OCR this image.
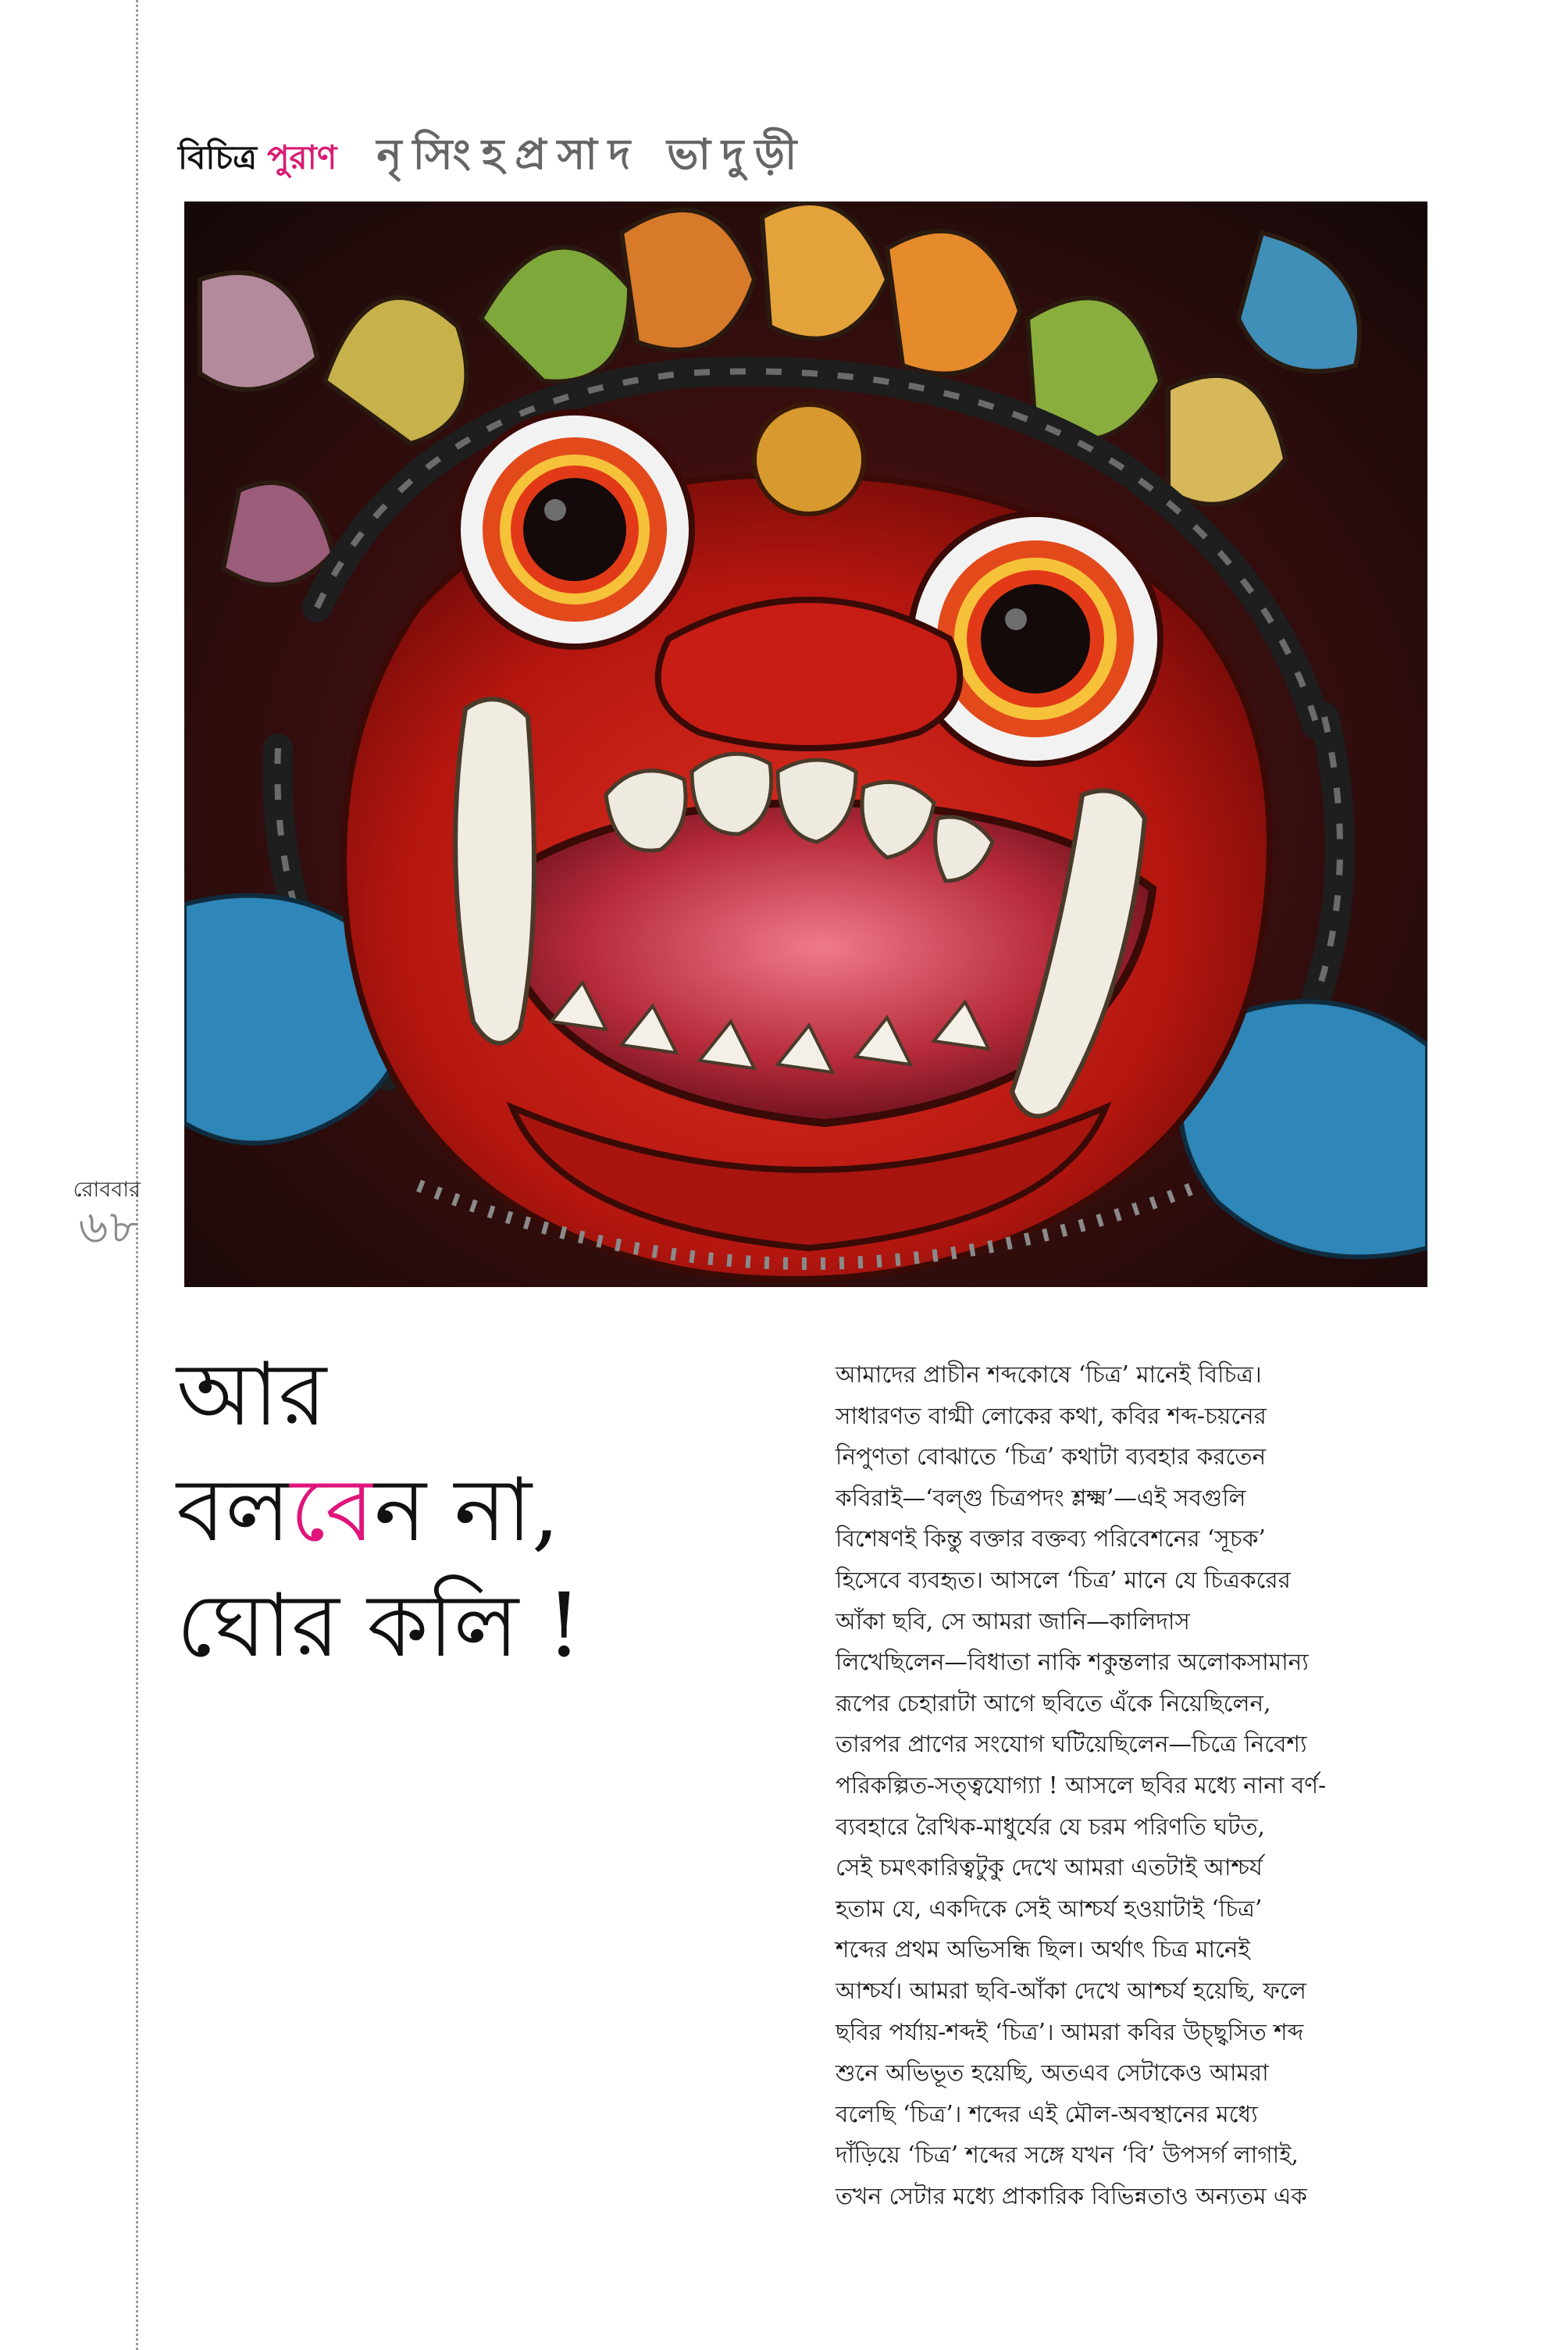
রোববার
৬৮
বিচিত্র পুরাণ নৃসিংহপ্রসাদ ভাদুড়ী
আর
বলবেন না,
ঘোর কলি !
আমাদের প্রাচীন শব্দকোষে ‘চিত্র’ মানেই বিচিত্র।
সাধারণত বাগ্মী লোকের কথা, কবির শব্দ-চয়নের
নিপুণতা বোঝাতে ‘চিত্র’ কথাটা ব্যবহার করতেন
কবিরাই—‘বল্গু চিত্রপদং শ্লক্ষ্ম’—এই সবগুলি
বিশেষণই কিন্তু বক্তার বক্তব্য পরিবেশনের ‘সূচক’
হিসেবে ব্যবহৃত। আসলে ‘চিত্র’ মানে যে চিত্রকরের
আঁকা ছবি, সে আমরা জানি—কালিদাস
লিখেছিলেন—বিধাতা নাকি শকুন্তলার অলোকসামান্য
রূপের চেহারাটা আগে ছবিতে এঁকে নিয়েছিলেন,
তারপর প্রাণের সংযোগ ঘটিয়েছিলেন—চিত্রে নিবেশ্য
পরিকল্পিত-সত্ত্বযোগ্যা ! আসলে ছবির মধ্যে নানা বর্ণ-
ব্যবহারে রৈখিক-মাধুর্যের যে চরম পরিণতি ঘটত,
সেই চমৎকারিত্বটুকু দেখে আমরা এতটাই আশ্চর্য
হতাম যে, একদিকে সেই আশ্চর্য হওয়াটাই ‘চিত্র’
শব্দের প্রথম অভিসন্ধি ছিল। অর্থাৎ চিত্র মানেই
আশ্চর্য। আমরা ছবি-আঁকা দেখে আশ্চর্য হয়েছি, ফলে
ছবির পর্যায়-শব্দই ‘চিত্র’। আমরা কবির উচ্ছ্বসিত শব্দ
শুনে অভিভূত হয়েছি, অতএব সেটাকেও আমরা
বলেছি ‘চিত্র’। শব্দের এই মৌল-অবস্থানের মধ্যে
দাঁড়িয়ে ‘চিত্র’ শব্দের সঙ্গে যখন ‘বি’ উপসর্গ লাগাই,
তখন সেটার মধ্যে প্রাকারিক বিভিন্নতাও অন্যতম এক
